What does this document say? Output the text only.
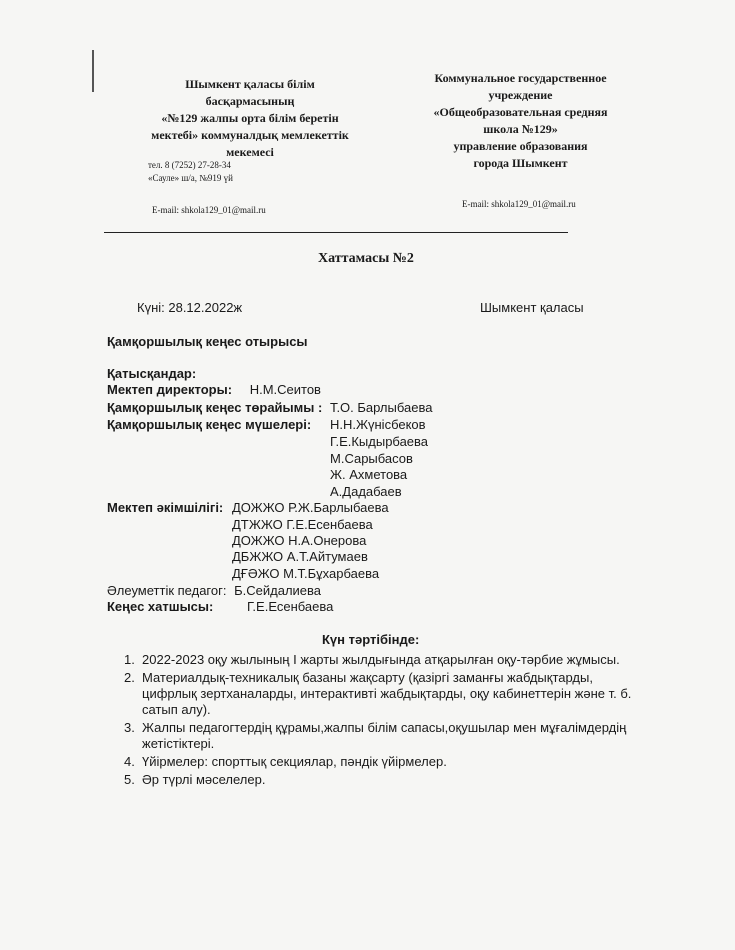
Шымкент қаласы білім
басқармасының
«№129 жалпы орта білім беретін
мектебі» коммуналдық мемлекеттік
мекемесі
Коммунальное государственное
учреждение
«Общеобразовательная средняя
школа №129»
управление образования
города Шымкент
тел. 8 (7252) 27-28-34
«Сауле» ш/а, №919 үй
E-mail: shkola129_01@mail.ru
E-mail: shkola129_01@mail.ru
Хаттамасы №2
Күні: 28.12.2022ж	Шымкент қаласы
Қамқоршылық кеңес отырысы
Қатысқандар:
Мектеп директоры: Н.М.Сеитов
Қамқоршылық кеңес төрайымы : Т.О. Барлыбаева
Қамқоршылық кеңес мүшелері: Н.Н.Жүнісбеков
Г.Е.Кыдырбаева
М.Сарыбасов
Ж. Ахметова
А.Дадабаев
Мектеп әкімшілігі: ДОЖЖО Р.Ж.Барлыбаева
ДТЖЖО Г.Е.Есенбаева
ДОЖЖО Н.А.Онерова
ДБЖЖО А.Т.Айтумаев
ДҒӘЖО М.Т.Бұхарбаева
Әлеуметтік педагог: Б.Сейдалиева
Кеңес хатшысы:	Г.Е.Есенбаева
Күн тәртібінде:
1. 2022-2023 оқу жылының І жарты жылдығында атқарылған оқу-тәрбие жұмысы.
2. Материалдық-техникалық базаны жақсарту (қазіргі заманғы жабдықтарды, цифрлық зертханаларды, интерактивті жабдықтарды, оқу кабинеттерін және т. б. сатып алу).
3. Жалпы педагогтердің құрамы,жалпы білім сапасы,оқушылар мен мұғалімдердің жетістіктері.
4. Үйірмелер: спорттық секциялар, пәндік үйірмелер.
5. Әр түрлі мәселелер.
